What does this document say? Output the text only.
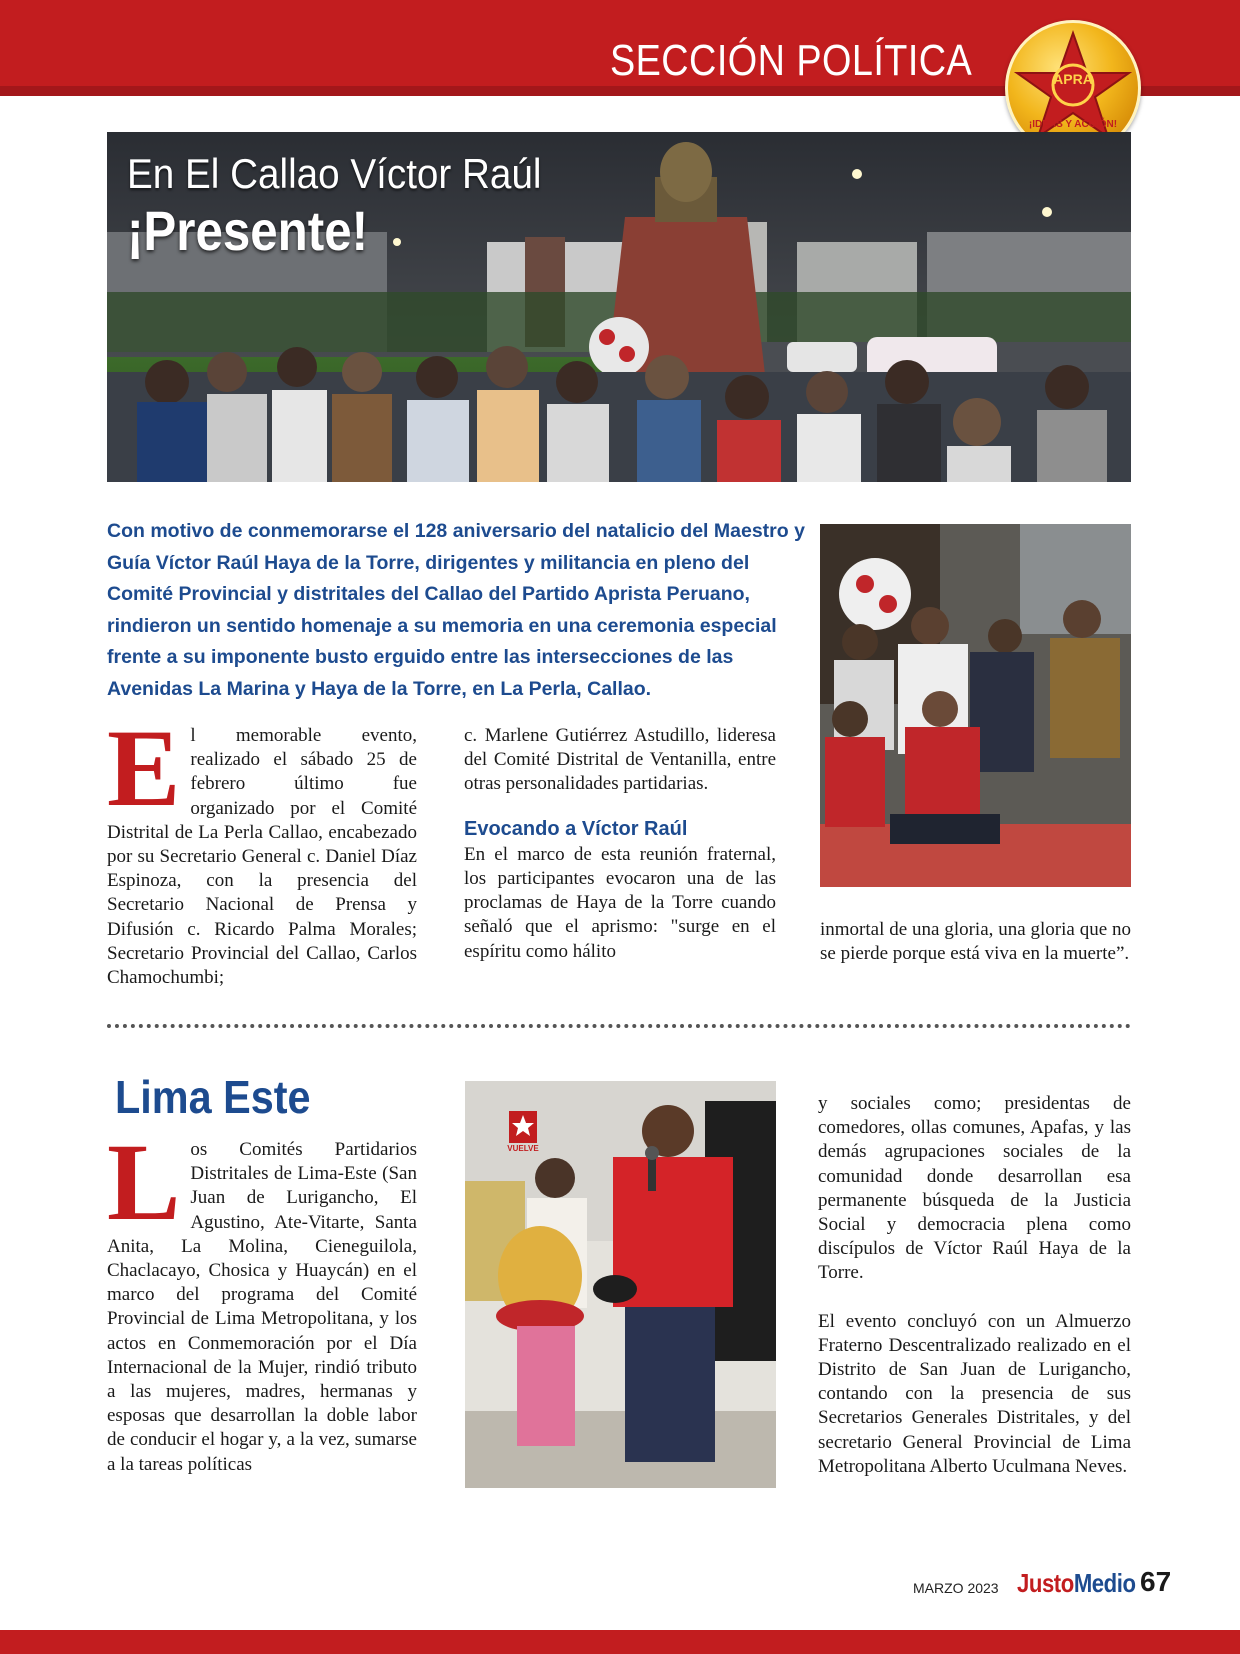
SECCIÓN POLÍTICA	APRA
¡IDEAS Y ACCIÓN!
En El Callao Víctor Raúl
¡Presente!
Con motivo de conmemorarse el 128 aniversario del natalicio del Maestro y Guía Víctor Raúl Haya de la Torre, dirigentes y militancia en pleno del Comité Provincial y distritales del Callao del Partido Aprista Peruano, rindieron un sentido homenaje a su memoria en una ceremonia especial frente a su imponente busto erguido entre las intersecciones de las Avenidas La Marina y Haya de la Torre, en La Perla, Callao.
E l memorable evento, realizado el sábado 25 de febrero último fue organizado por el Comité Distrital de La Perla Callao, encabezado por su Secretario General c. Daniel Díaz Espinoza, con la presencia del Secretario Nacional de Prensa y Difusión c. Ricardo Palma Morales; Secretario Provincial del Callao, Carlos Chamochumbi;
c. Marlene Gutiérrez Astudillo, lideresa del Comité Distrital de Ventanilla, entre otras personalidades partidarias.
Evocando a Víctor Raúl
En el marco de esta reunión fraternal, los participantes evocaron una de las proclamas de Haya de la Torre cuando señaló que el aprismo: "surge en el espíritu como hálito
inmortal de una gloria, una gloria que no se pierde porque está viva en la muerte”.
Lima Este
L os Comités Partidarios Distritales de Lima-Este (San Juan de Lurigancho, El Agustino, Ate-Vitarte, Santa Anita, La Molina, Cieneguilola, Chaclacayo, Chosica y Huaycán) en el marco del programa del Comité Provincial de Lima Metropolitana, y los actos en Conmemoración por el Día Internacional de la Mujer, rindió tributo a las mujeres, madres, hermanas y esposas que desarrollan la doble labor de conducir el hogar y, a la vez, sumarse a la tareas políticas
VUELVE
y sociales como; presidentas de comedores, ollas comunes, Apafas, y las demás agrupaciones sociales de la comunidad donde desarrollan esa permanente búsqueda de la Justicia Social y democracia plena como discípulos de Víctor Raúl Haya de la Torre.
El evento concluyó con un Almuerzo Fraterno Descentralizado realizado en el Distrito de San Juan de Lurigancho, contando con la presencia de sus Secretarios Generales Distritales, y del secretario General Provincial de Lima Metropolitana Alberto Uculmana Neves.
MARZO 2023 JustoMedio 67
